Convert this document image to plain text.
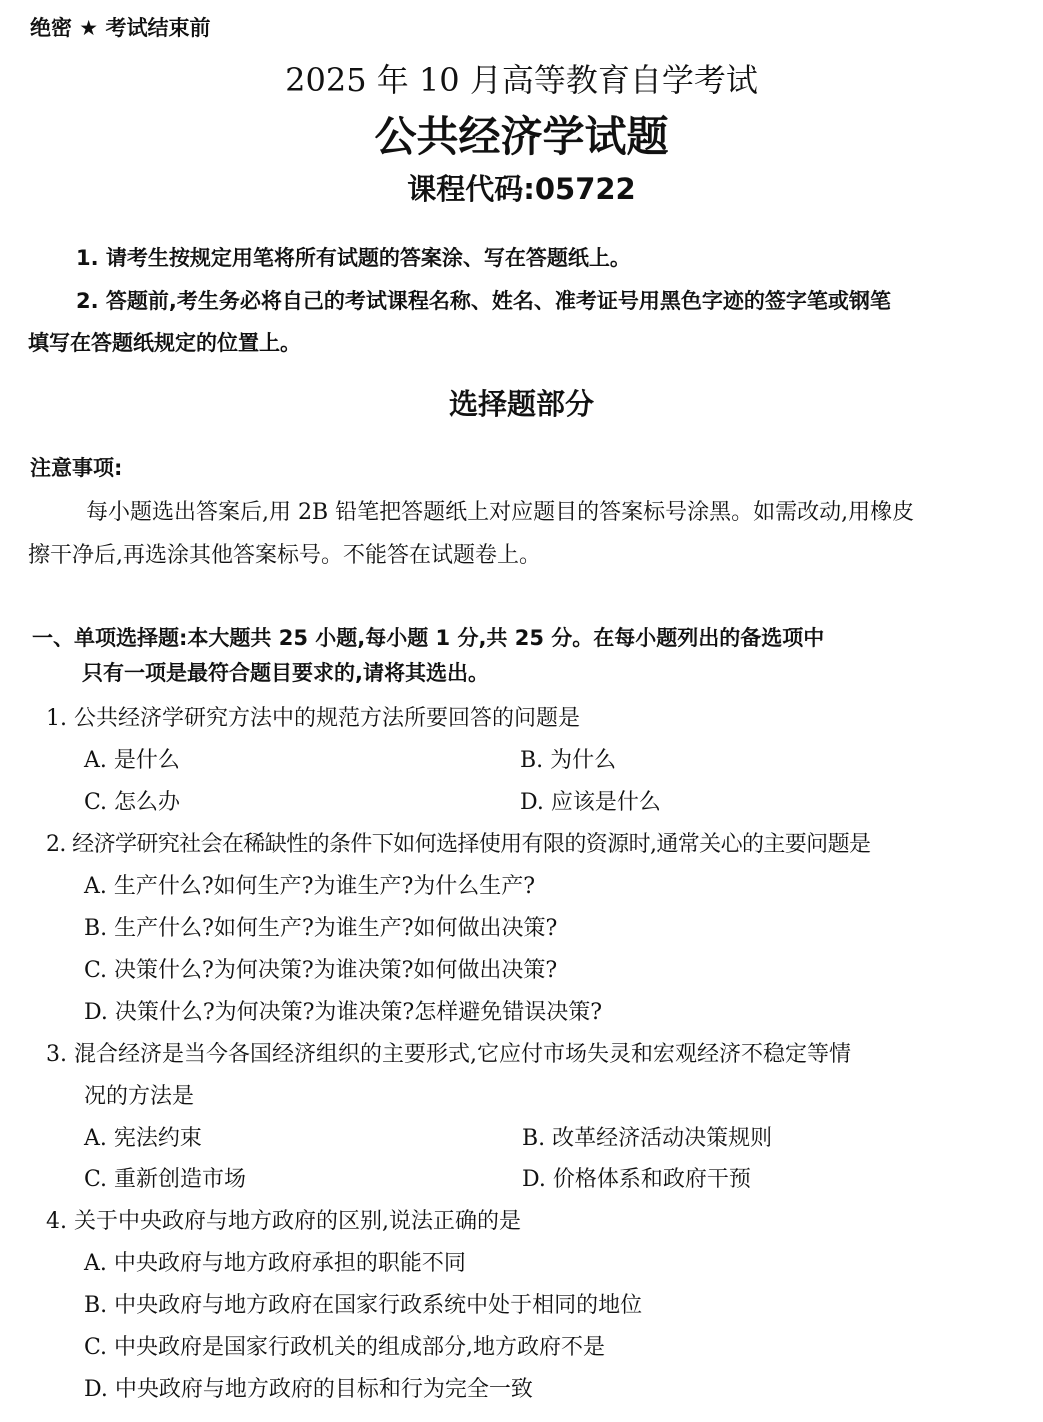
绝密 ★ 考试结束前
2025 年 10 月高等教育自学考试
公共经济学试题
课程代码:05722
1. 请考生按规定用笔将所有试题的答案涂、写在答题纸上。
2. 答题前,考生务必将自己的考试课程名称、姓名、准考证号用黑色字迹的签字笔或钢笔
填写在答题纸规定的位置上。
选择题部分
注意事项:
每小题选出答案后,用 2B 铅笔把答题纸上对应题目的答案标号涂黑。如需改动,用橡皮
擦干净后,再选涂其他答案标号。不能答在试题卷上。
一、单项选择题:本大题共 25 小题,每小题 1 分,共 25 分。在每小题列出的备选项中
只有一项是最符合题目要求的,请将其选出。
1. 公共经济学研究方法中的规范方法所要回答的问题是
A. 是什么	B. 为什么
C. 怎么办	D. 应该是什么
2. 经济学研究社会在稀缺性的条件下如何选择使用有限的资源时,通常关心的主要问题是
A. 生产什么?如何生产?为谁生产?为什么生产?
B. 生产什么?如何生产?为谁生产?如何做出决策?
C. 决策什么?为何决策?为谁决策?如何做出决策?
D. 决策什么?为何决策?为谁决策?怎样避免错误决策?
3. 混合经济是当今各国经济组织的主要形式,它应付市场失灵和宏观经济不稳定等情
况的方法是
A. 宪法约束	B. 改革经济活动决策规则
C. 重新创造市场	D. 价格体系和政府干预
4. 关于中央政府与地方政府的区别,说法正确的是
A. 中央政府与地方政府承担的职能不同
B. 中央政府与地方政府在国家行政系统中处于相同的地位
C. 中央政府是国家行政机关的组成部分,地方政府不是
D. 中央政府与地方政府的目标和行为完全一致
